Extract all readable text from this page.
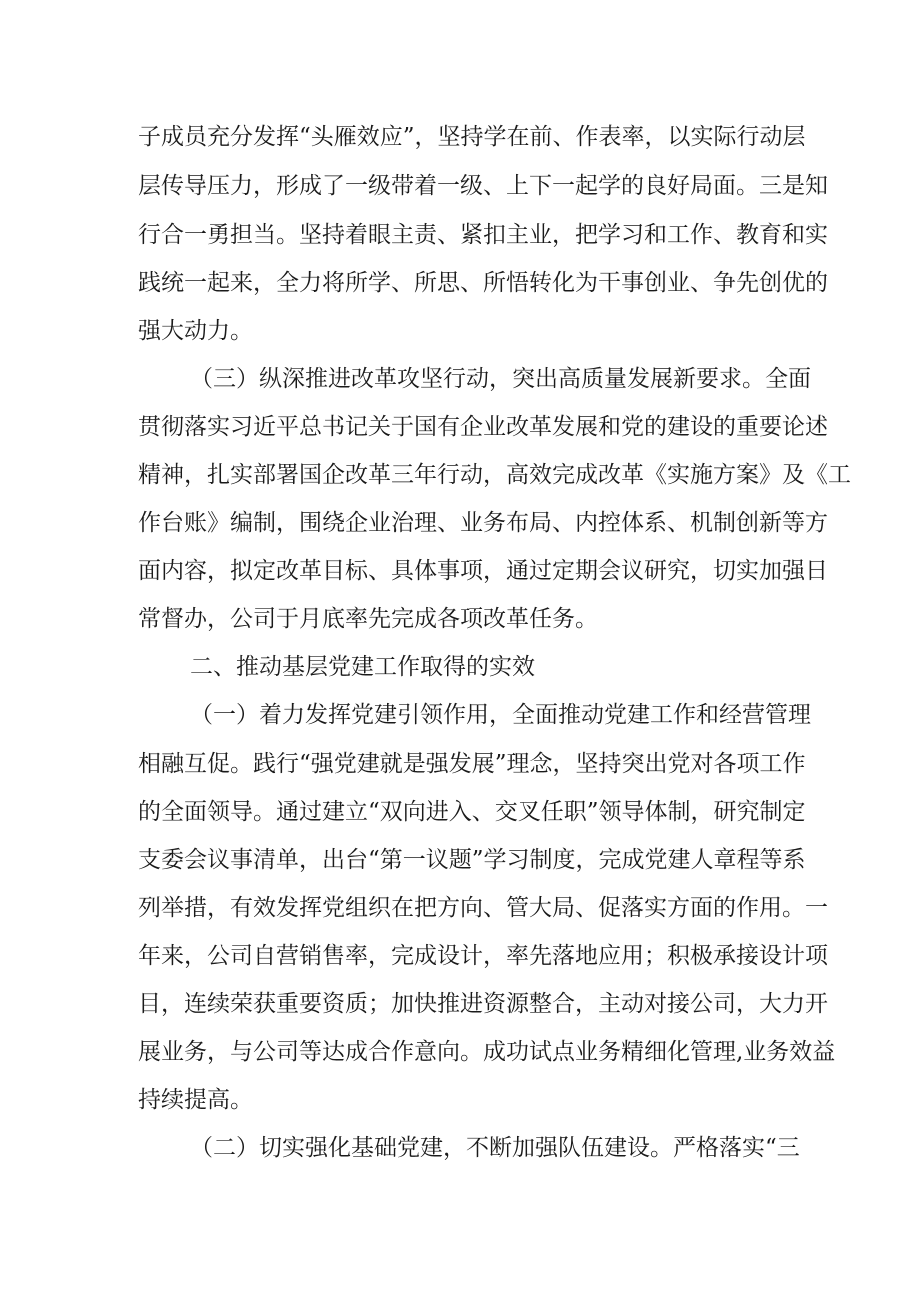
子成员充分发挥“头雁效应”，坚持学在前、作表率，以实际行动层
层传导压力，形成了一级带着一级、上下一起学的良好局面。三是知
行合一勇担当。坚持着眼主责、紧扣主业，把学习和工作、教育和实
践统一起来，全力将所学、所思、所悟转化为干事创业、争先创优的
强大动力。
（三）纵深推进改革攻坚行动，突出高质量发展新要求。全面
贯彻落实习近平总书记关于国有企业改革发展和党的建设的重要论述
精神，扎实部署国企改革三年行动，高效完成改革《实施方案》及《工
作台账》编制，围绕企业治理、业务布局、内控体系、机制创新等方
面内容，拟定改革目标、具体事项，通过定期会议研究，切实加强日
常督办，公司于月底率先完成各项改革任务。
二、推动基层党建工作取得的实效
（一）着力发挥党建引领作用，全面推动党建工作和经营管理
相融互促。践行“强党建就是强发展”理念，坚持突出党对各项工作
的全面领导。通过建立“双向进入、交叉任职”领导体制，研究制定
支委会议事清单，出台“第一议题”学习制度，完成党建人章程等系
列举措，有效发挥党组织在把方向、管大局、促落实方面的作用。一
年来，公司自营销售率，完成设计，率先落地应用；积极承接设计项
目，连续荣获重要资质；加快推进资源整合，主动对接公司，大力开
展业务，与公司等达成合作意向。成功试点业务精细化管理,业务效益
持续提高。
（二）切实强化基础党建，不断加强队伍建设。严格落实“三
